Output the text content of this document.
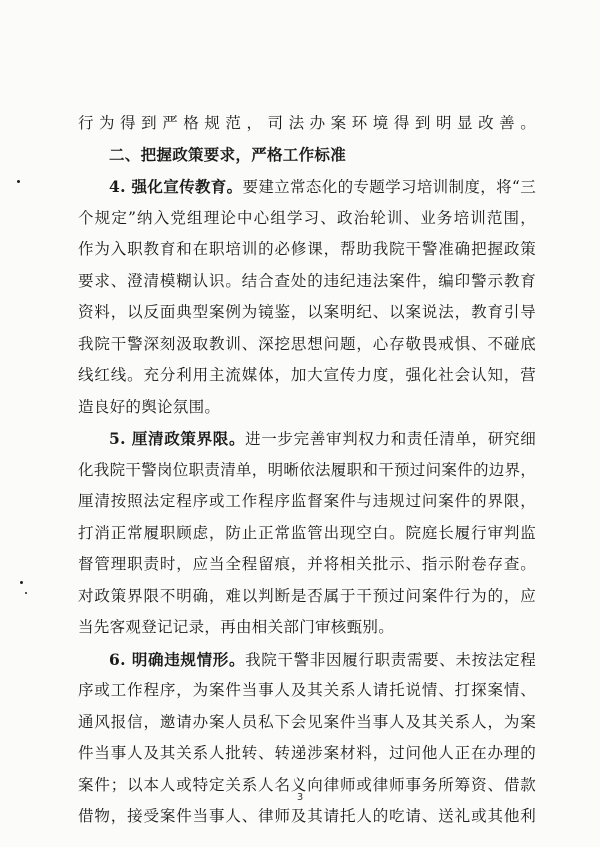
行为得到严格规范，司法办案环境得到明显改善。
二、把握政策要求，严格工作标准
4. 强化宣传教育。要建立常态化的专题学习培训制度，将“三
个规定”纳入党组理论中心组学习、政治轮训、业务培训范围，
作为入职教育和在职培训的必修课，帮助我院干警准确把握政策
要求、澄清模糊认识。结合查处的违纪违法案件，编印警示教育
资料，以反面典型案例为镜鉴，以案明纪、以案说法，教育引导
我院干警深刻汲取教训、深挖思想问题，心存敬畏戒惧、不碰底
线红线。充分利用主流媒体，加大宣传力度，强化社会认知，营
造良好的舆论氛围。
5. 厘清政策界限。进一步完善审判权力和责任清单，研究细
化我院干警岗位职责清单，明晰依法履职和干预过问案件的边界，
厘清按照法定程序或工作程序监督案件与违规过问案件的界限，
打消正常履职顾虑，防止正常监管出现空白。院庭长履行审判监
督管理职责时，应当全程留痕，并将相关批示、指示附卷存查。
对政策界限不明确，难以判断是否属于干预过问案件行为的，应
当先客观登记记录，再由相关部门审核甄别。
6. 明确违规情形。我院干警非因履行职责需要、未按法定程
序或工作程序，为案件当事人及其关系人请托说情、打探案情、
通风报信，邀请办案人员私下会见案件当事人及其关系人，为案
件当事人及其关系人批转、转递涉案材料，过问他人正在办理的
案件；以本人或特定关系人名义向律师或律师事务所筹资、借款
借物，接受案件当事人、律师及其请托人的吃请、送礼或其他利
3
